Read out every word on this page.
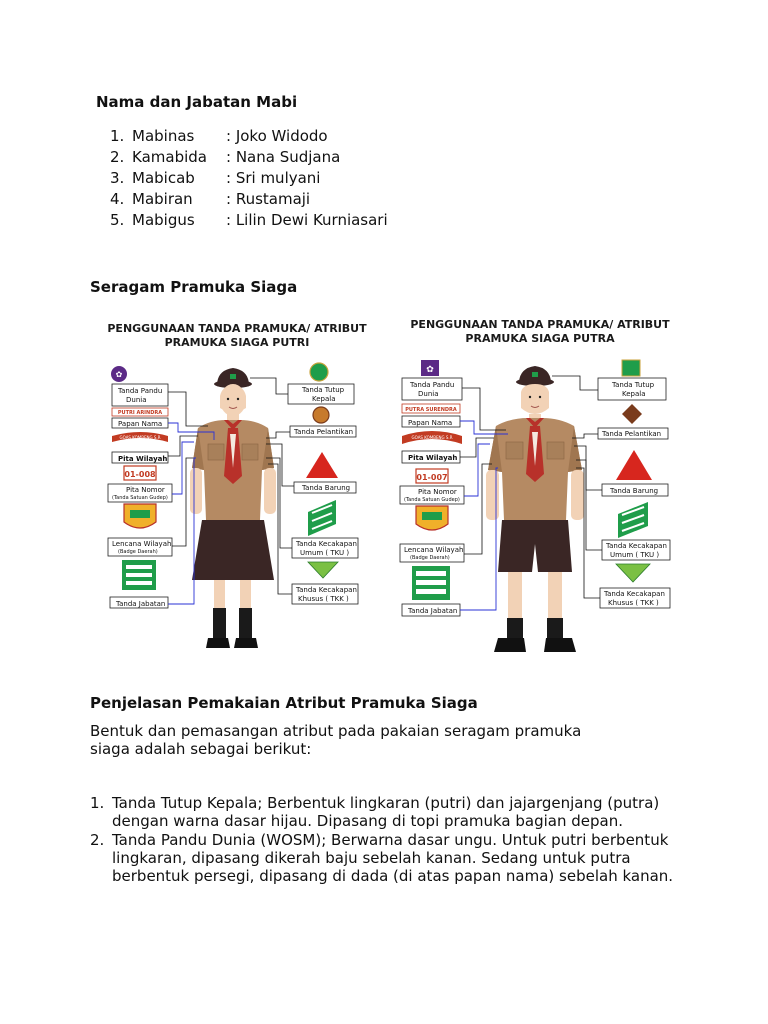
Nama dan Jabatan Mabi
1. Mabinas	: Joko Widodo
2. Kamabida	: Nana Sudjana
3. Mabicab	: Sri mulyani
4. Mabiran	: Rustamaji
5. Mabigus	: Lilin Dewi Kurniasari
Seragam Pramuka Siaga
PENGGUNAAN TANDA PRAMUKA/ ATRIBUT
PRAMUKA SIAGA PUTRI
✿
Tanda Pandu
Dunia
PUTRI ARINDRA
Papan Nama
GOAS KOMBENG S.R
Pita Wilayah
01-008
Pita Nomor
(Tanda Satuan Gudep)
Lencana Wilayah
(Badge Daerah)
Tanda Jabatan
Tanda Tutup
Kepala
Tanda Pelantikan
Tanda Barung
Tanda Kecakapan
Umum ( TKU )
Tanda Kecakapan
Khusus ( TKK )
PENGGUNAAN TANDA PRAMUKA/ ATRIBUT
PRAMUKA SIAGA PUTRA
✿
Tanda Pandu
Dunia
PUTRA SURENDRA
Papan Nama
GOAS KOMBENG S.R
Pita Wilayah
01-007
Pita Nomor
(Tanda Satuan Gudep)
Lencana Wilayah
(Badge Daerah)
Tanda Jabatan
Tanda Tutup
Kepala
Tanda Pelantikan
Tanda Barung
Tanda Kecakapan
Umum ( TKU )
Tanda Kecakapan
Khusus ( TKK )
Penjelasan Pemakaian Atribut Pramuka Siaga
Bentuk dan pemasangan atribut pada pakaian seragam pramuka
siaga adalah sebagai berikut:
1. Tanda Tutup Kepala; Berbentuk lingkaran (putri) dan jajargenjang (putra)
dengan warna dasar hijau. Dipasang di topi pramuka bagian depan.
2. Tanda Pandu Dunia (WOSM); Berwarna dasar ungu. Untuk putri berbentuk
lingkaran, dipasang dikerah baju sebelah kanan. Sedang untuk putra
berbentuk persegi, dipasang di dada (di atas papan nama) sebelah kanan.
